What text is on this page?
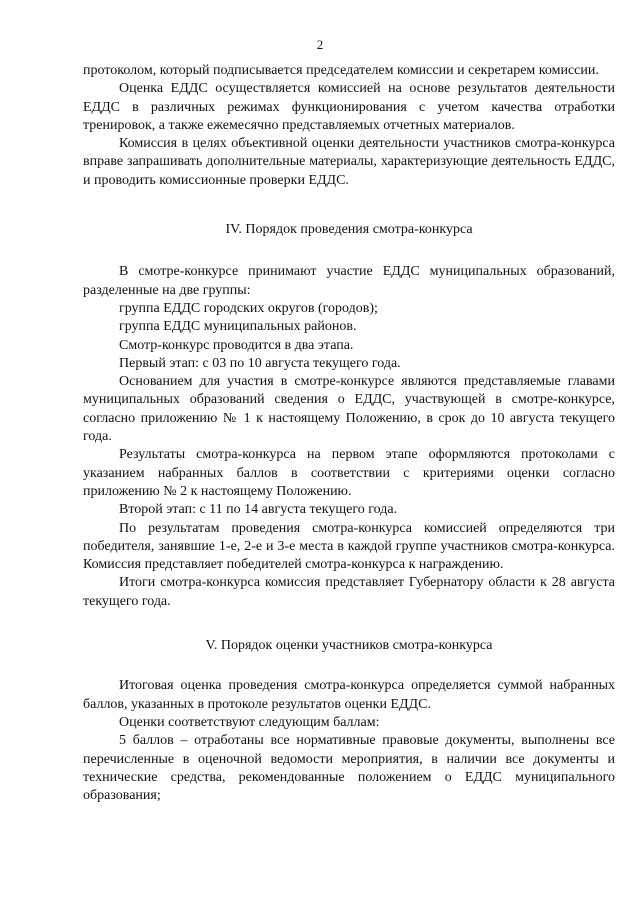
2

протоколом, который подписывается председателем комиссии и секретарем комиссии.

Оценка ЕДДС осуществляется комиссией на основе результатов деятельности ЕДДС в различных режимах функционирования с учетом качества отработки тренировок, а также ежемесячно представляемых отчетных материалов.

Комиссия в целях объективной оценки деятельности участников смотра-конкурса вправе запрашивать дополнительные материалы, характеризующие деятельность ЕДДС, и проводить комиссионные проверки ЕДДС.

IV. Порядок проведения смотра-конкурса

В смотре-конкурсе принимают участие ЕДДС муниципальных образований, разделенные на две группы:

группа ЕДДС городских округов (городов);

группа ЕДДС муниципальных районов.

Смотр-конкурс проводится в два этапа.

Первый этап: с 03 по 10 августа текущего года.

Основанием для участия в смотре-конкурсе являются представляемые главами муниципальных образований сведения о ЕДДС, участвующей в смотре-конкурсе, согласно приложению № 1 к настоящему Положению, в срок до 10 августа текущего года.

Результаты смотра-конкурса на первом этапе оформляются протоколами с указанием набранных баллов в соответствии с критериями оценки согласно приложению № 2 к настоящему Положению.

Второй этап: с 11 по 14 августа текущего года.

По результатам проведения смотра-конкурса комиссией определяются три победителя, занявшие 1-е, 2-е и 3-е места в каждой группе участников смотра-конкурса. Комиссия представляет победителей смотра-конкурса к награждению.

Итоги смотра-конкурса комиссия представляет Губернатору области к 28 августа текущего года.

V. Порядок оценки участников смотра-конкурса

Итоговая оценка проведения смотра-конкурса определяется суммой набранных баллов, указанных в протоколе результатов оценки ЕДДС.

Оценки соответствуют следующим баллам:

5 баллов – отработаны все нормативные правовые документы, выполнены все перечисленные в оценочной ведомости мероприятия, в наличии все документы и технические средства, рекомендованные положением о ЕДДС муниципального образования;
